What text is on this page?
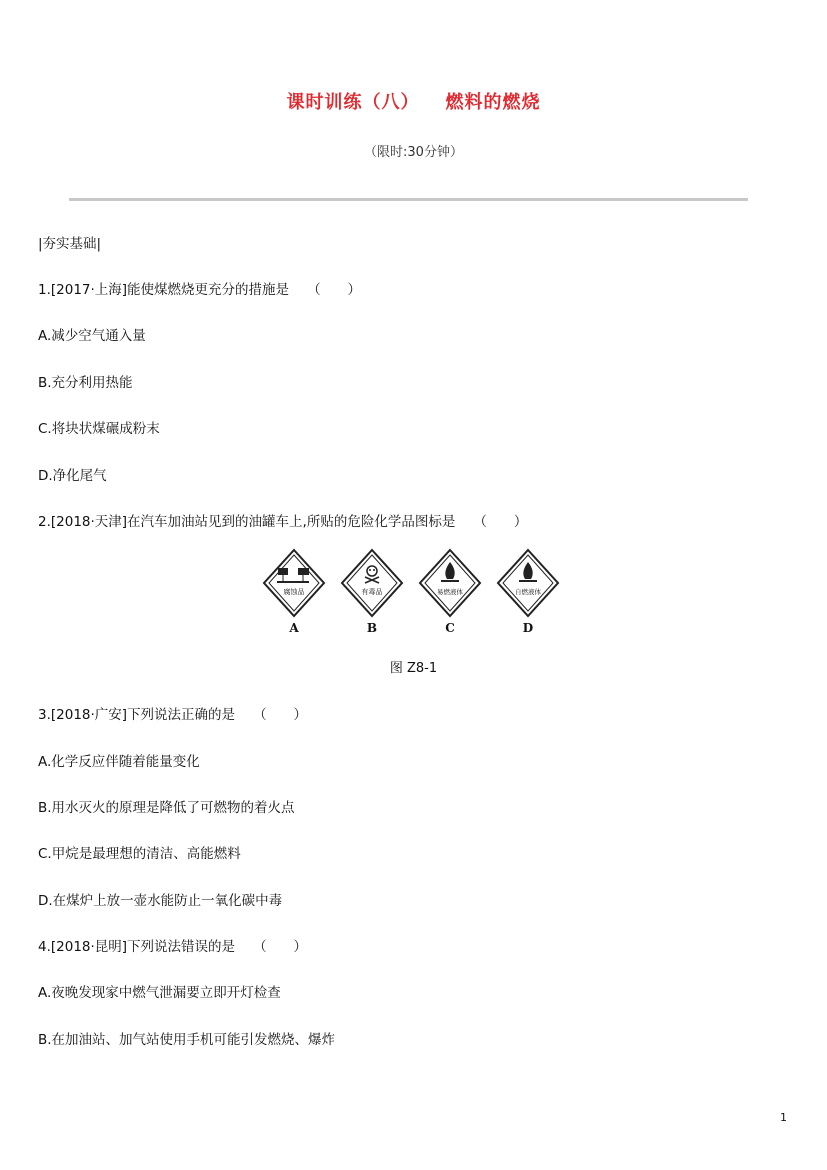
课时训练（八） 燃料的燃烧
（限时:30分钟）
|夯实基础|
1.[2017·上海]能使煤燃烧更充分的措施是 （　　）
A.减少空气通入量
B.充分利用热能
C.将块状煤碾成粉末
D.净化尾气
2.[2018·天津]在汽车加油站见到的油罐车上,所贴的危险化学品图标是 （　　）
腐蚀品
A
有毒品
B
易燃液体
C
自燃液体
D
图 Z8-1
3.[2018·广安]下列说法正确的是 （　　）
A.化学反应伴随着能量变化
B.用水灭火的原理是降低了可燃物的着火点
C.甲烷是最理想的清洁、高能燃料
D.在煤炉上放一壶水能防止一氧化碳中毒
4.[2018·昆明]下列说法错误的是 （　　）
A.夜晚发现家中燃气泄漏要立即开灯检查
B.在加油站、加气站使用手机可能引发燃烧、爆炸
1
